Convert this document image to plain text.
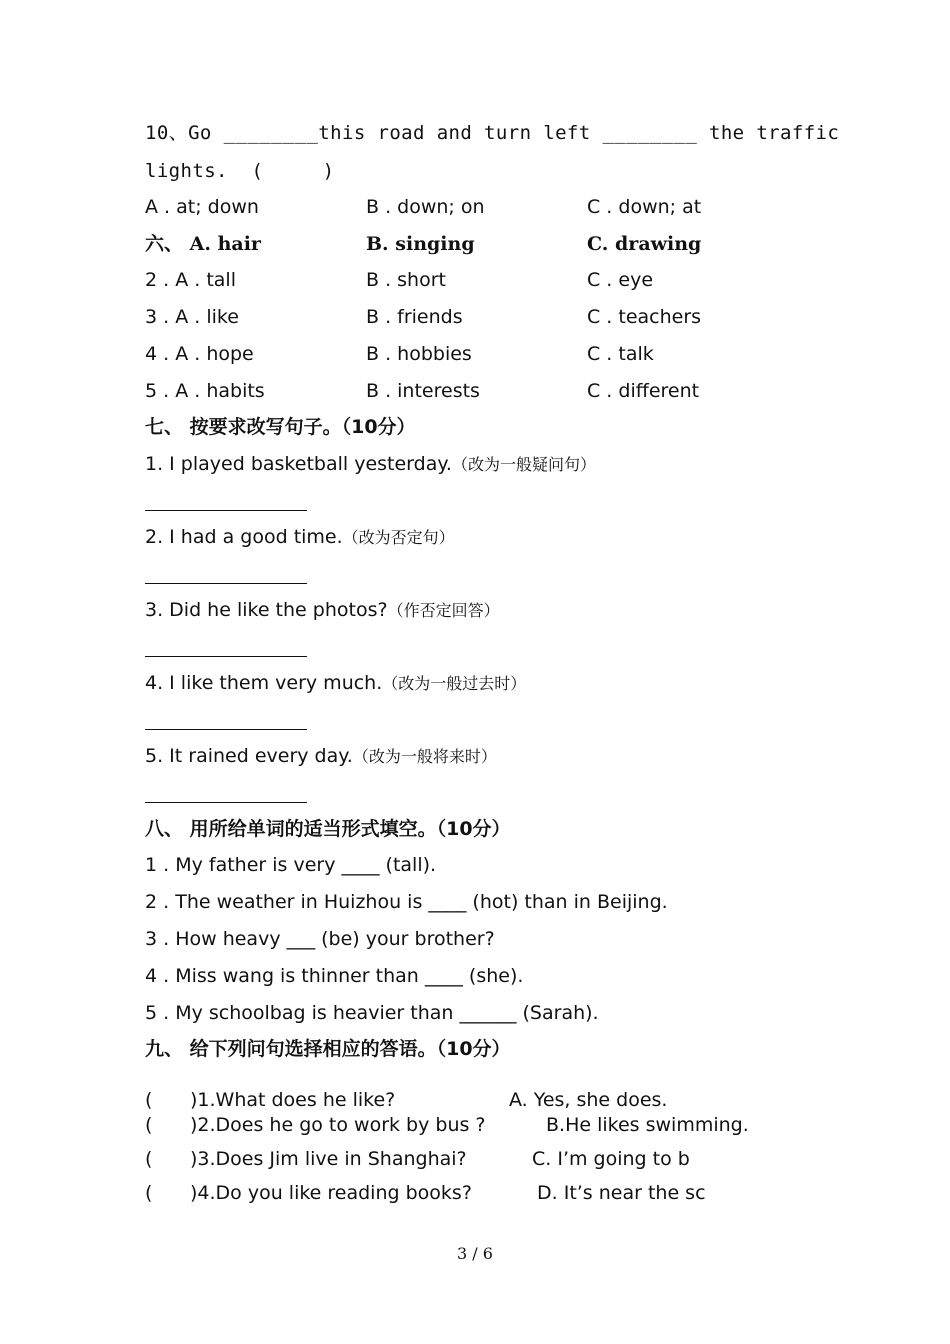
10、Go ________this road and turn left ________ the traffic
lights.  (     )
A . at; down	B . down; on	C . down; at
六、 A. hair	B. singing	C. drawing
2 . A . tall	B . short	C . eye
3 . A . like	B . friends	C . teachers
4 . A . hope	B . hobbies	C . talk
5 . A . habits	B . interests	C . different
七、 按要求改写句子。（10分）
1. I played basketball yesterday.（改为一般疑问句）
2. I had a good time.（改为否定句）
3. Did he like the photos?（作否定回答）
4. I like them very much.（改为一般过去时）
5. It rained every day.（改为一般将来时）
八、 用所给单词的适当形式填空。（10分）
1 . My father is very ____ (tall).
2 . The weather in Huizhou is ____ (hot) than in Beijing.
3 . How heavy ___ (be) your brother?
4 . Miss wang is thinner than ____ (she).
5 . My schoolbag is heavier than ______ (Sarah).
九、 给下列问句选择相应的答语。（10分）
( )1.What does he like?	A. Yes, she does.
( )2.Does he go to work by bus ?	B.He likes swimming.
( )3.Does Jim live in Shanghai?	C. I’m going to b
( )4.Do you like reading books?	D. It’s near the sc
3 / 6
